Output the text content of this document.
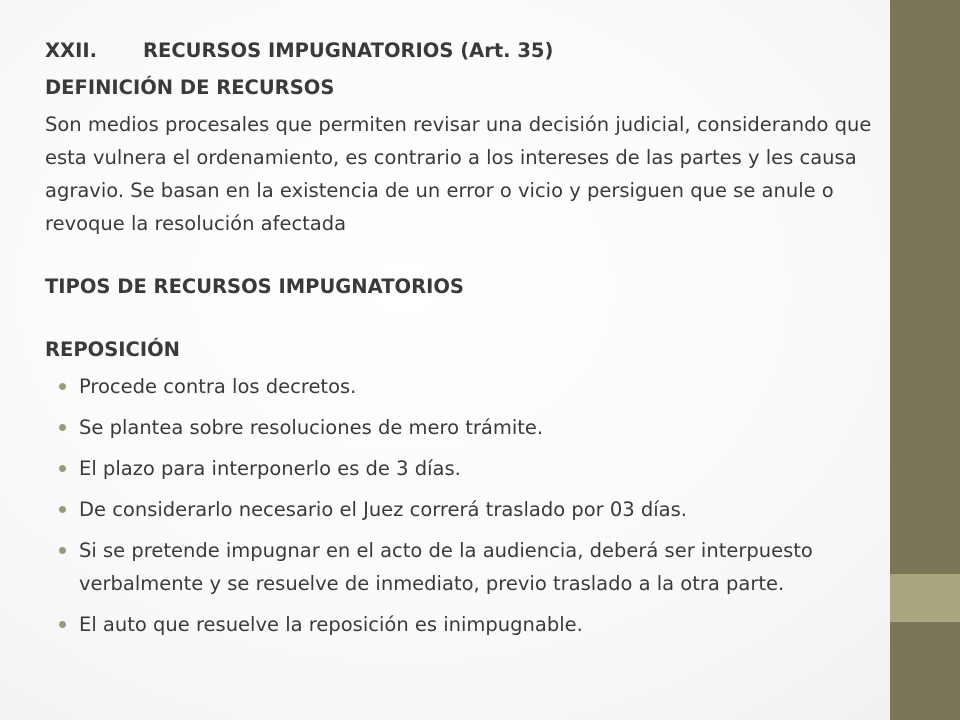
XXII.	RECURSOS IMPUGNATORIOS (Art. 35)
DEFINICIÓN DE RECURSOS
Son medios procesales que permiten revisar una decisión judicial, considerando que esta vulnera el ordenamiento, es contrario a los intereses de las partes y les causa agravio. Se basan en la existencia de un error o vicio y persiguen que se anule o revoque la resolución afectada
TIPOS DE RECURSOS IMPUGNATORIOS
REPOSICIÓN
Procede contra los decretos.
Se plantea sobre resoluciones de mero trámite.
El plazo para interponerlo es de 3 días.
De considerarlo necesario el Juez correrá traslado por 03 días.
Si se pretende impugnar en el acto de la audiencia, deberá ser interpuesto verbalmente y se resuelve de inmediato, previo traslado a la otra parte.
El auto que resuelve la reposición es inimpugnable.
